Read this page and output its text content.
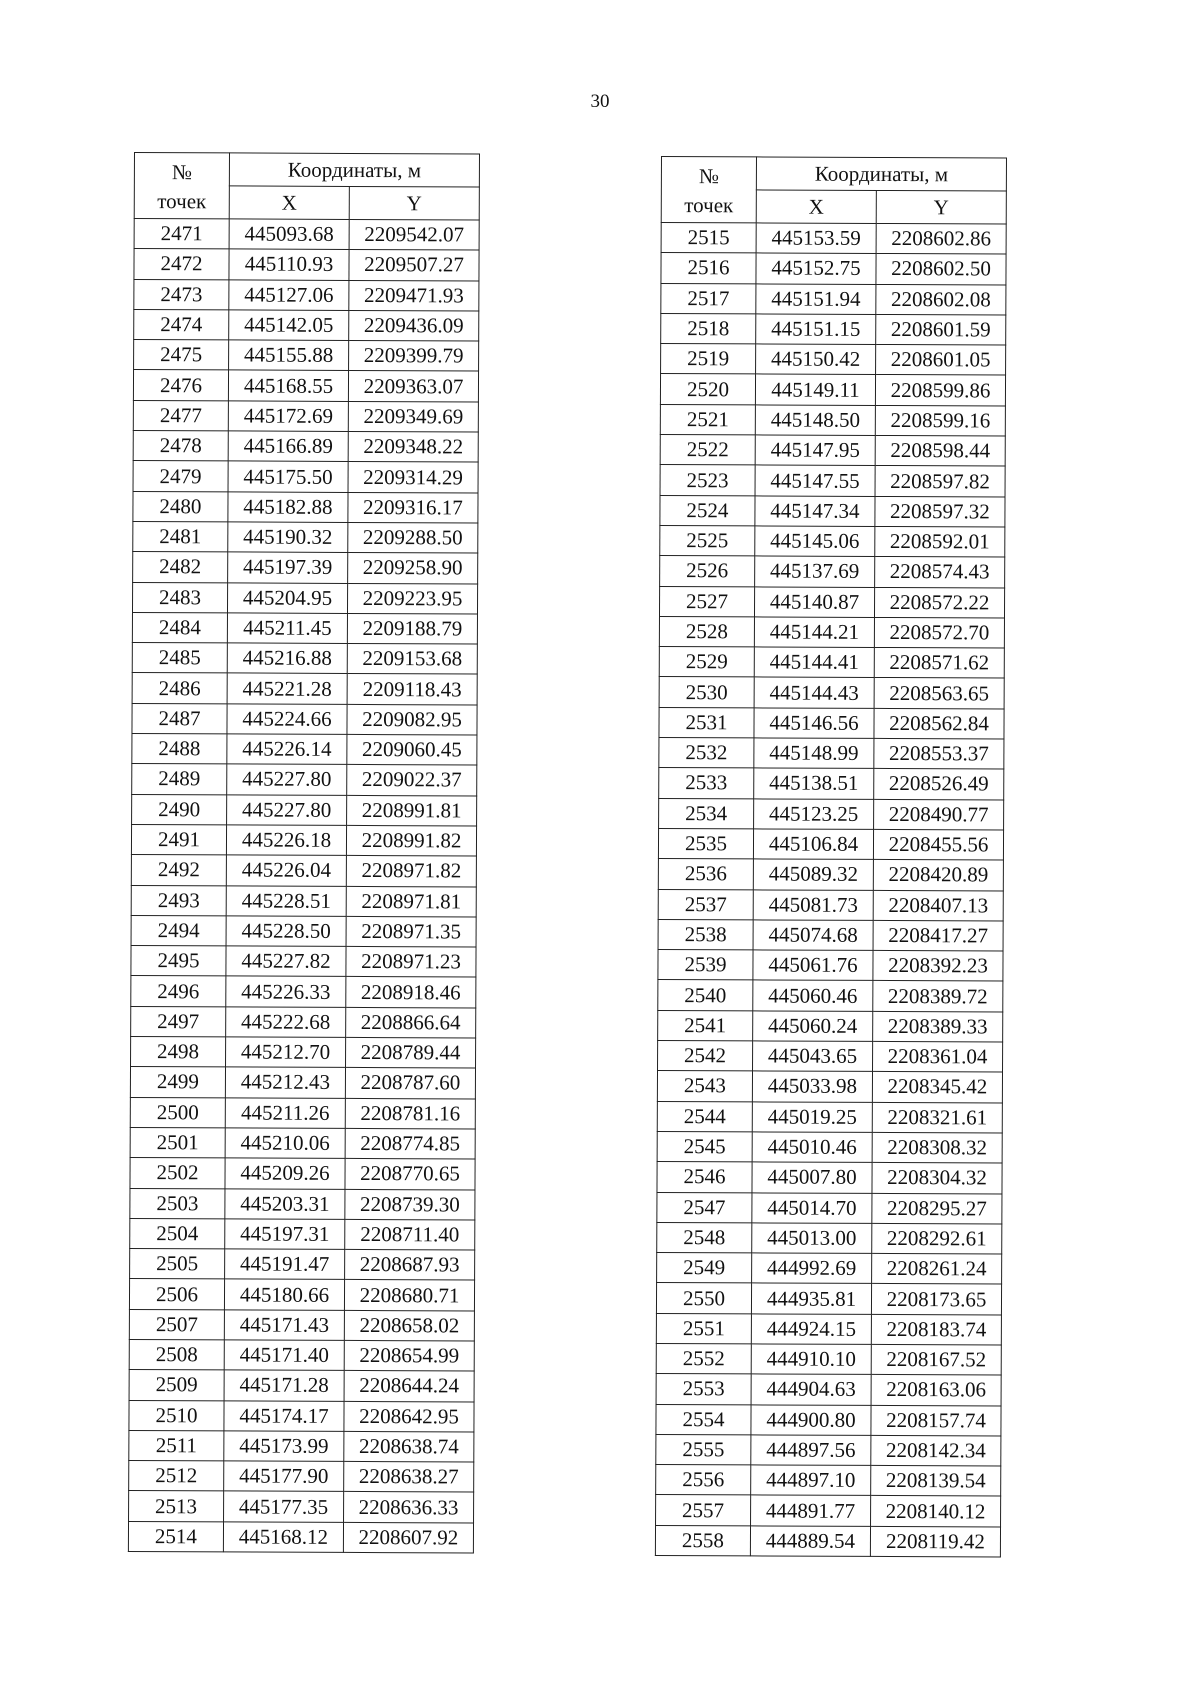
30
№
точек	Координаты, м	
	X	Y
2471	445093.68	2209542.07
2472	445110.93	2209507.27
2473	445127.06	2209471.93
2474	445142.05	2209436.09
2475	445155.88	2209399.79
2476	445168.55	2209363.07
2477	445172.69	2209349.69
2478	445166.89	2209348.22
2479	445175.50	2209314.29
2480	445182.88	2209316.17
2481	445190.32	2209288.50
2482	445197.39	2209258.90
2483	445204.95	2209223.95
2484	445211.45	2209188.79
2485	445216.88	2209153.68
2486	445221.28	2209118.43
2487	445224.66	2209082.95
2488	445226.14	2209060.45
2489	445227.80	2209022.37
2490	445227.80	2208991.81
2491	445226.18	2208991.82
2492	445226.04	2208971.82
2493	445228.51	2208971.81
2494	445228.50	2208971.35
2495	445227.82	2208971.23
2496	445226.33	2208918.46
2497	445222.68	2208866.64
2498	445212.70	2208789.44
2499	445212.43	2208787.60
2500	445211.26	2208781.16
2501	445210.06	2208774.85
2502	445209.26	2208770.65
2503	445203.31	2208739.30
2504	445197.31	2208711.40
2505	445191.47	2208687.93
2506	445180.66	2208680.71
2507	445171.43	2208658.02
2508	445171.40	2208654.99
2509	445171.28	2208644.24
2510	445174.17	2208642.95
2511	445173.99	2208638.74
2512	445177.90	2208638.27
2513	445177.35	2208636.33
2514	445168.12	2208607.92
№
точек	Координаты, м	
	X	Y
2515	445153.59	2208602.86
2516	445152.75	2208602.50
2517	445151.94	2208602.08
2518	445151.15	2208601.59
2519	445150.42	2208601.05
2520	445149.11	2208599.86
2521	445148.50	2208599.16
2522	445147.95	2208598.44
2523	445147.55	2208597.82
2524	445147.34	2208597.32
2525	445145.06	2208592.01
2526	445137.69	2208574.43
2527	445140.87	2208572.22
2528	445144.21	2208572.70
2529	445144.41	2208571.62
2530	445144.43	2208563.65
2531	445146.56	2208562.84
2532	445148.99	2208553.37
2533	445138.51	2208526.49
2534	445123.25	2208490.77
2535	445106.84	2208455.56
2536	445089.32	2208420.89
2537	445081.73	2208407.13
2538	445074.68	2208417.27
2539	445061.76	2208392.23
2540	445060.46	2208389.72
2541	445060.24	2208389.33
2542	445043.65	2208361.04
2543	445033.98	2208345.42
2544	445019.25	2208321.61
2545	445010.46	2208308.32
2546	445007.80	2208304.32
2547	445014.70	2208295.27
2548	445013.00	2208292.61
2549	444992.69	2208261.24
2550	444935.81	2208173.65
2551	444924.15	2208183.74
2552	444910.10	2208167.52
2553	444904.63	2208163.06
2554	444900.80	2208157.74
2555	444897.56	2208142.34
2556	444897.10	2208139.54
2557	444891.77	2208140.12
2558	444889.54	2208119.42
